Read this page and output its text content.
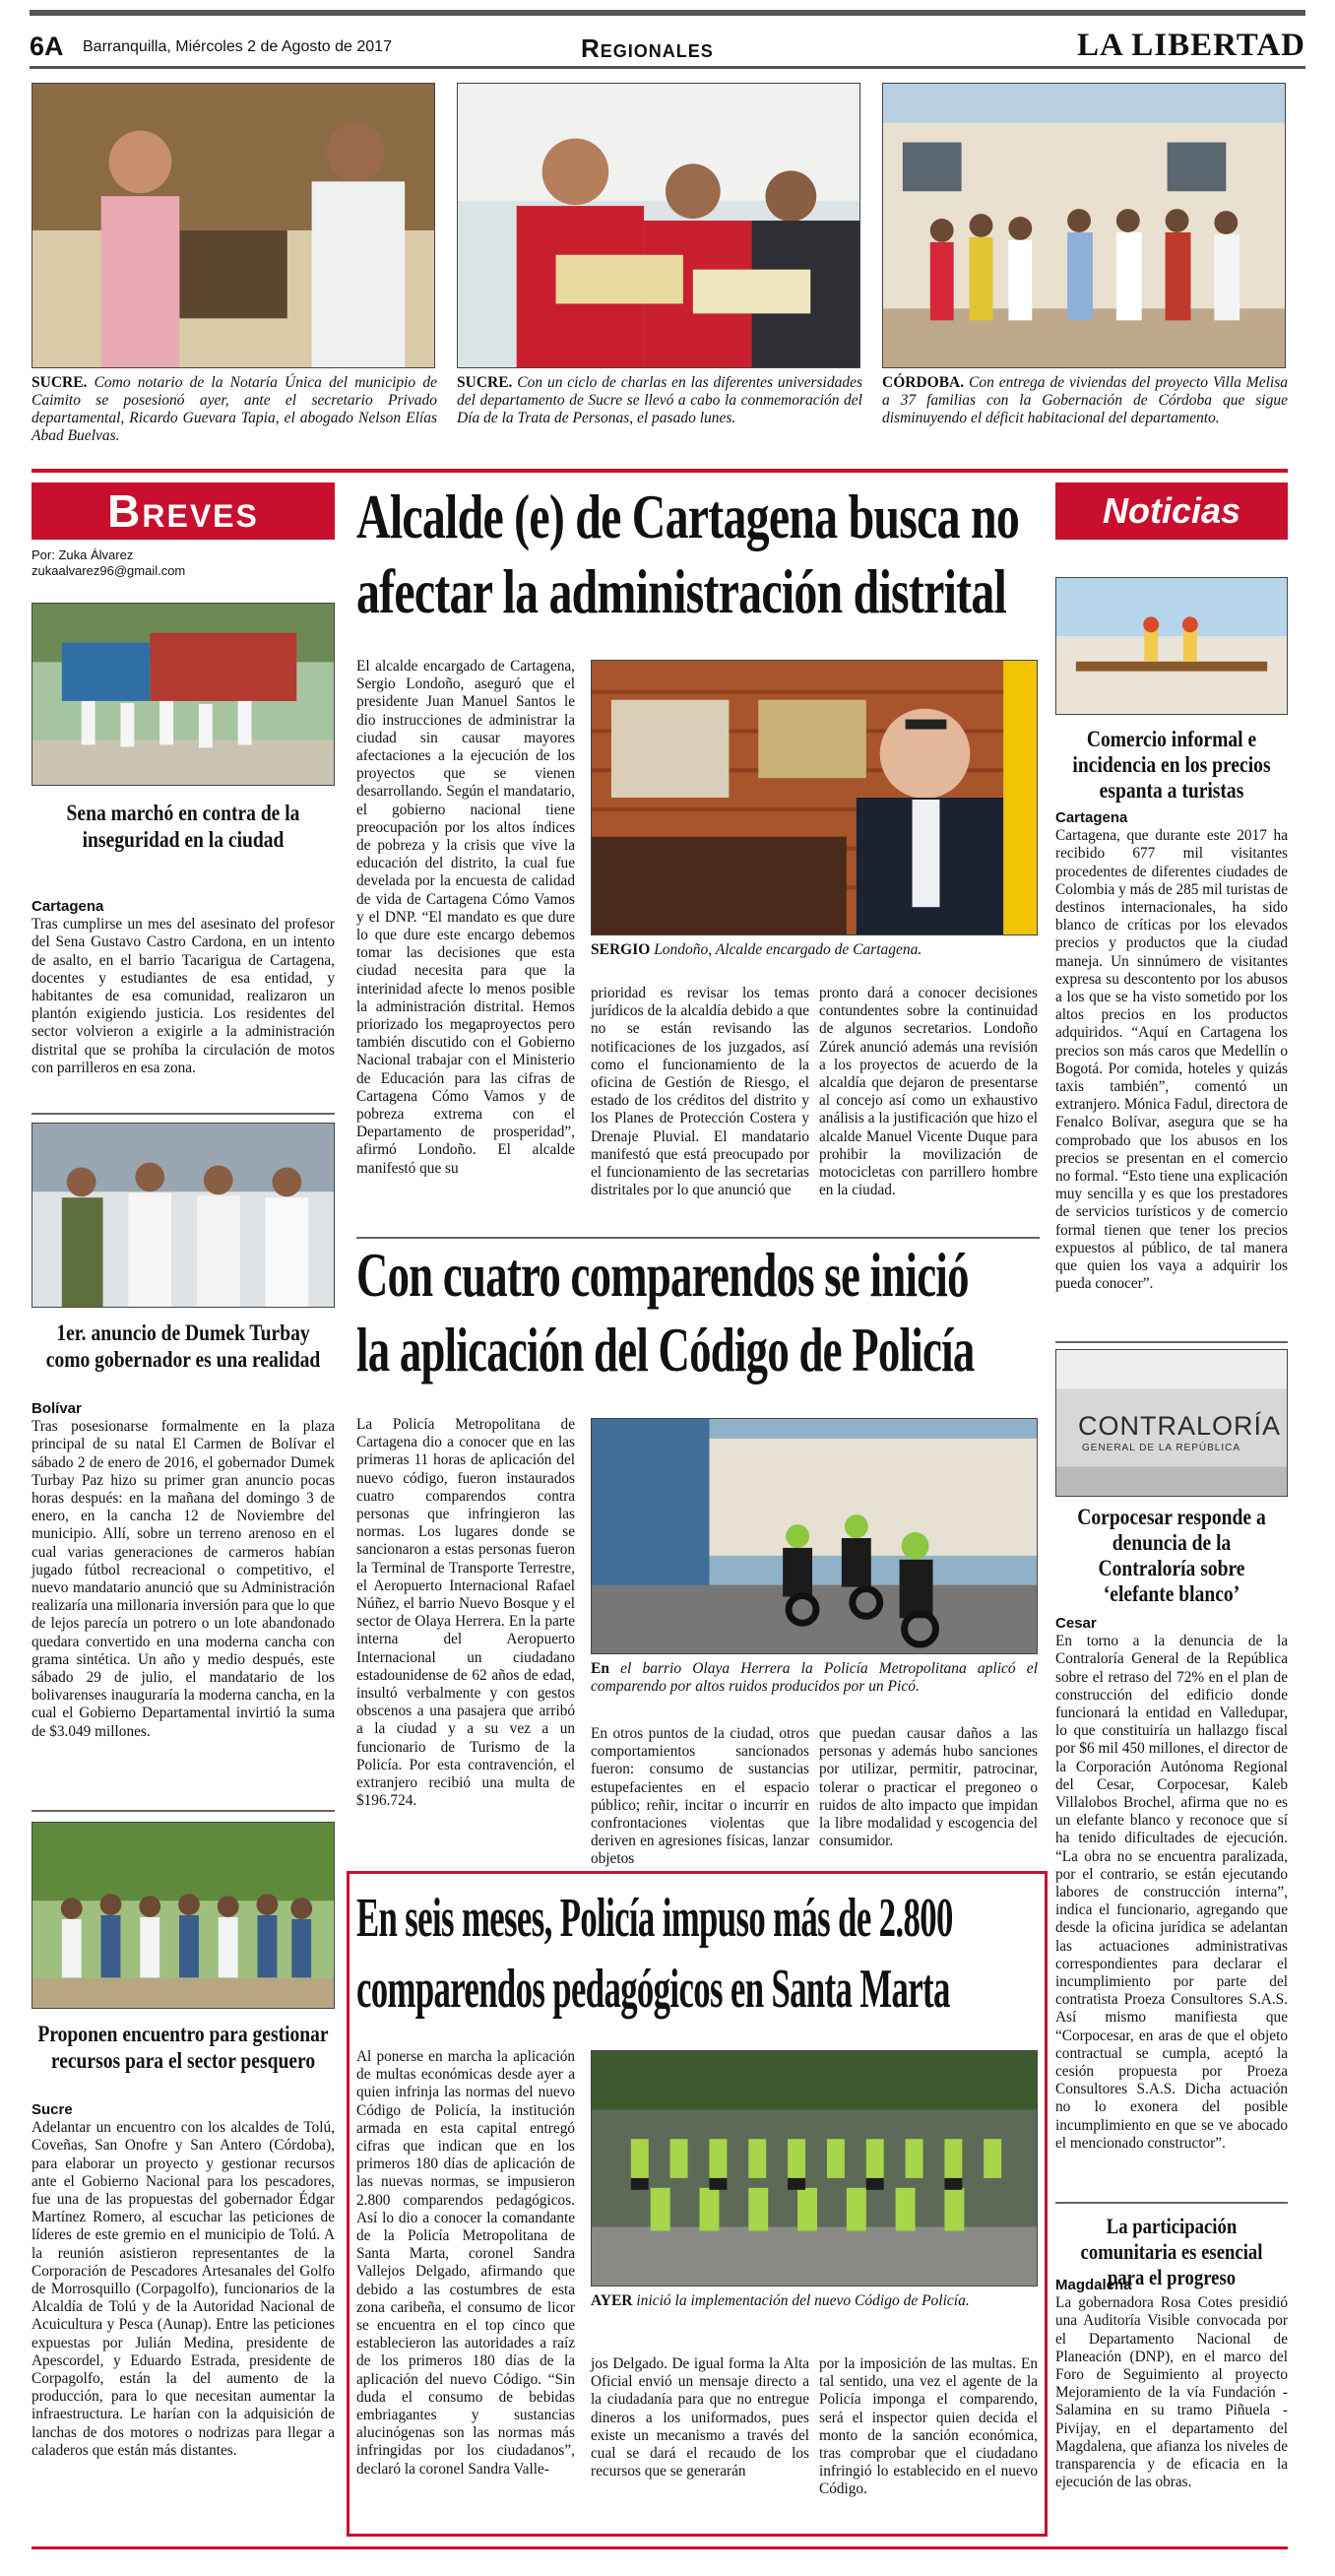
6A Barranquilla, Miércoles 2 de Agosto de 2017	Regionales	LA LIBERTAD
SUCRE. Como notario de la Notaría Única del municipio de Caimito se posesionó ayer, ante el secretario Privado departamental, Ricardo Guevara Tapia, el abogado Nelson Elías Abad Buelvas.
SUCRE. Con un ciclo de charlas en las diferentes universidades del departamento de Sucre se llevó a cabo la conmemoración del Día de la Trata de Personas, el pasado lunes.
CÓRDOBA. Con entrega de viviendas del proyecto Villa Melisa a 37 familias con la Gobernación de Córdoba que sigue disminuyendo el déficit habitacional del departamento.
Breves
Por: Zuka Álvarez
zukaalvarez96@gmail.com
Sena marchó en contra de la inseguridad en la ciudad
Cartagena

Tras cumplirse un mes del asesinato del profesor del Sena Gustavo Castro Cardona, en un intento de asalto, en el barrio Tacarigua de Cartagena, docentes y estudiantes de esa entidad, y habitantes de esa comunidad, realizaron un plantón exigiendo justicia. Los residentes del sector volvieron a exigirle a la administración distrital que se prohíba la circulación de motos con parrilleros en esa zona.

1er. anuncio de Dumek Turbay como gobernador es una realidad
Bolívar

Tras posesionarse formalmente en la plaza principal de su natal El Carmen de Bolívar el sábado 2 de enero de 2016, el gobernador Dumek Turbay Paz hizo su primer gran anuncio pocas horas después: en la mañana del domingo 3 de enero, en la cancha 12 de Noviembre del municipio. Allí, sobre un terreno arenoso en el cual varias generaciones de carmeros habían jugado fútbol recreacional o competitivo, el nuevo mandatario anunció que su Administración realizaría una millonaria inversión para que lo que de lejos parecía un potrero o un lote abandonado quedara convertido en una moderna cancha con grama sintética. Un año y medio después, este sábado 29 de julio, el mandatario de los bolivarenses inauguraría la moderna cancha, en la cual el Gobierno Departamental invirtió la suma de $3.049 millones.

Proponen encuentro para gestionar recursos para el sector pesquero
Sucre

Adelantar un encuentro con los alcaldes de Tolú, Coveñas, San Onofre y San Antero (Córdoba), para elaborar un proyecto y gestionar recursos ante el Gobierno Nacional para los pescadores, fue una de las propuestas del gobernador Édgar Martínez Romero, al escuchar las peticiones de líderes de este gremio en el municipio de Tolú. A la reunión asistieron representantes de la Corporación de Pescadores Artesanales del Golfo de Morrosquillo (Corpagolfo), funcionarios de la Alcaldía de Tolú y de la Autoridad Nacional de Acuicultura y Pesca (Aunap). Entre las peticiones expuestas por Julián Medina, presidente de Apescordel, y Eduardo Estrada, presidente de Corpagolfo, están la del aumento de la producción, para lo que necesitan aumentar la infraestructura. Le harían con la adquisición de lanchas de dos motores o nodrizas para llegar a caladeros que están más distantes.

Alcalde (e) de Cartagena busca no
afectar la administración distrital

El alcalde encargado de Cartagena, Sergio Londoño, aseguró que el presidente Juan Manuel Santos le dio instrucciones de administrar la ciudad sin causar mayores afectaciones a la ejecución de los proyectos que se vienen desarrollando. Según el mandatario, el gobierno nacional tiene preocupación por los altos índices de pobreza y la crisis que vive la educación del distrito, la cual fue develada por la encuesta de calidad de vida de Cartagena Cómo Vamos y el DNP. “El mandato es que dure lo que dure este encargo debemos tomar las decisiones que esta ciudad necesita para que la interinidad afecte lo menos posible la administración distrital. Hemos priorizado los megaproyectos pero también discutido con el Gobierno Nacional trabajar con el Ministerio de Educación para las cifras de Cartagena Cómo Vamos y de pobreza extrema con el Departamento de prosperidad”, afirmó Londoño. El alcalde manifestó que su

SERGIO Londoño, Alcalde encargado de Cartagena.

prioridad es revisar los temas jurídicos de la alcaldía debido a que no se están revisando las notificaciones de los juzgados, así como el funcionamiento de la oficina de Gestión de Riesgo, el estado de los créditos del distrito y los Planes de Protección Costera y Drenaje Pluvial. El mandatario manifestó que está preocupado por el funcionamiento de las secretarias distritales por lo que anunció que

pronto dará a conocer decisiones contundentes sobre la continuidad de algunos secretarios. Londoño Zúrek anunció además una revisión a los proyectos de acuerdo de la alcaldía que dejaron de presentarse al concejo así como un exhaustivo análisis a la justificación que hizo el alcalde Manuel Vicente Duque para prohibir la movilización de motocicletas con parrillero hombre en la ciudad.

Con cuatro comparendos se inició
la aplicación del Código de Policía

La Policía Metropolitana de Cartagena dio a conocer que en las primeras 11 horas de aplicación del nuevo código, fueron instaurados cuatro comparendos contra personas que infringieron las normas. Los lugares donde se sancionaron a estas personas fueron la Terminal de Transporte Terrestre, el Aeropuerto Internacional Rafael Núñez, el barrio Nuevo Bosque y el sector de Olaya Herrera. En la parte interna del Aeropuerto Internacional un ciudadano estadounidense de 62 años de edad, insultó verbalmente y con gestos obscenos a una pasajera que arribó a la ciudad y a su vez a un funcionario de Turismo de la Policía. Por esta contravención, el extranjero recibió una multa de $196.724.

En el barrio Olaya Herrera la Policía Metropolitana aplicó el comparendo por altos ruidos producidos por un Picó.

En otros puntos de la ciudad, otros comportamientos sancionados fueron: consumo de sustancias estupefacientes en el espacio público; reñir, incitar o incurrir en confrontaciones violentas que deriven en agresiones físicas, lanzar objetos

que puedan causar daños a las personas y además hubo sanciones por utilizar, permitir, patrocinar, tolerar o practicar el pregoneo o ruidos de alto impacto que impidan la libre modalidad y escogencia del consumidor.

En seis meses, Policía impuso más de 2.800
comparendos pedagógicos en Santa Marta

Al ponerse en marcha la aplicación de multas económicas desde ayer a quien infrinja las normas del nuevo Código de Policía, la institución armada en esta capital entregó cifras que indican que en los primeros 180 días de aplicación de las nuevas normas, se impusieron 2.800 comparendos pedagógicos. Así lo dio a conocer la comandante de la Policía Metropolitana de Santa Marta, coronel Sandra Vallejos Delgado, afirmando que debido a las costumbres de esta zona caribeña, el consumo de licor se encuentra en el top cinco que establecieron las autoridades a raíz de los primeros 180 días de la aplicación del nuevo Código. “Sin duda el consumo de bebidas embriagantes y sustancias alucinógenas son las normas más infringidas por los ciudadanos”, declaró la coronel Sandra Valle-

AYER inició la implementación del nuevo Código de Policía.

jos Delgado. De igual forma la Alta Oficial envió un mensaje directo a la ciudadanía para que no entregue dineros a los uniformados, pues existe un mecanismo a través del cual se dará el recaudo de los recursos que se generarán

por la imposición de las multas. En tal sentido, una vez el agente de la Policía imponga el comparendo, será el inspector quien decida el monto de la sanción económica, tras comprobar que el ciudadano infringió lo establecido en el nuevo Código.

Noticias
Comercio informal e incidencia en los precios espanta a turistas
Cartagena

Cartagena, que durante este 2017 ha recibido 677 mil visitantes procedentes de diferentes ciudades de Colombia y más de 285 mil turistas de destinos internacionales, ha sido blanco de críticas por los elevados precios y productos que la ciudad maneja. Un sinnúmero de visitantes expresa su descontento por los abusos a los que se ha visto sometido por los altos precios en los productos adquiridos. “Aquí en Cartagena los precios son más caros que Medellín o Bogotá. Por comida, hoteles y quizás taxis también”, comentó un extranjero. Mónica Fadul, directora de Fenalco Bolívar, asegura que se ha comprobado que los abusos en los precios se presentan en el comercio no formal. “Esto tiene una explicación muy sencilla y es que los prestadores de servicios turísticos y de comercio formal tienen que tener los precios expuestos al público, de tal manera que quien los vaya a adquirir los pueda conocer”.

CONTRALORÍA
GENERAL DE LA REPÚBLICA
Corpocesar responde a denuncia de la Contraloría sobre ‘elefante blanco’
Cesar

En torno a la denuncia de la Contraloría General de la República sobre el retraso del 72% en el plan de construcción del edificio donde funcionará la entidad en Valledupar, lo que constituiría un hallazgo fiscal por $6 mil 450 millones, el director de la Corporación Autónoma Regional del Cesar, Corpocesar, Kaleb Villalobos Brochel, afirma que no es un elefante blanco y reconoce que sí ha tenido dificultades de ejecución. “La obra no se encuentra paralizada, por el contrario, se están ejecutando labores de construcción interna”, indica el funcionario, agregando que desde la oficina jurídica se adelantan las actuaciones administrativas correspondientes para declarar el incumplimiento por parte del contratista Proeza Consultores S.A.S. Así mismo manifiesta que “Corpocesar, en aras de que el objeto contractual se cumpla, aceptó la cesión propuesta por Proeza Consultores S.A.S. Dicha actuación no lo exonera del posible incumplimiento en que se ve abocado el mencionado constructor”.

La participación comunitaria es esencial para el progreso
Magdalena

La gobernadora Rosa Cotes presidió una Auditoría Visible convocada por el Departamento Nacional de Planeación (DNP), en el marco del Foro de Seguimiento al proyecto Mejoramiento de la vía Fundación - Salamina en su tramo Piñuela - Pivijay, en el departamento del Magdalena, que afianza los niveles de transparencia y de eficacia en la ejecución de las obras.
